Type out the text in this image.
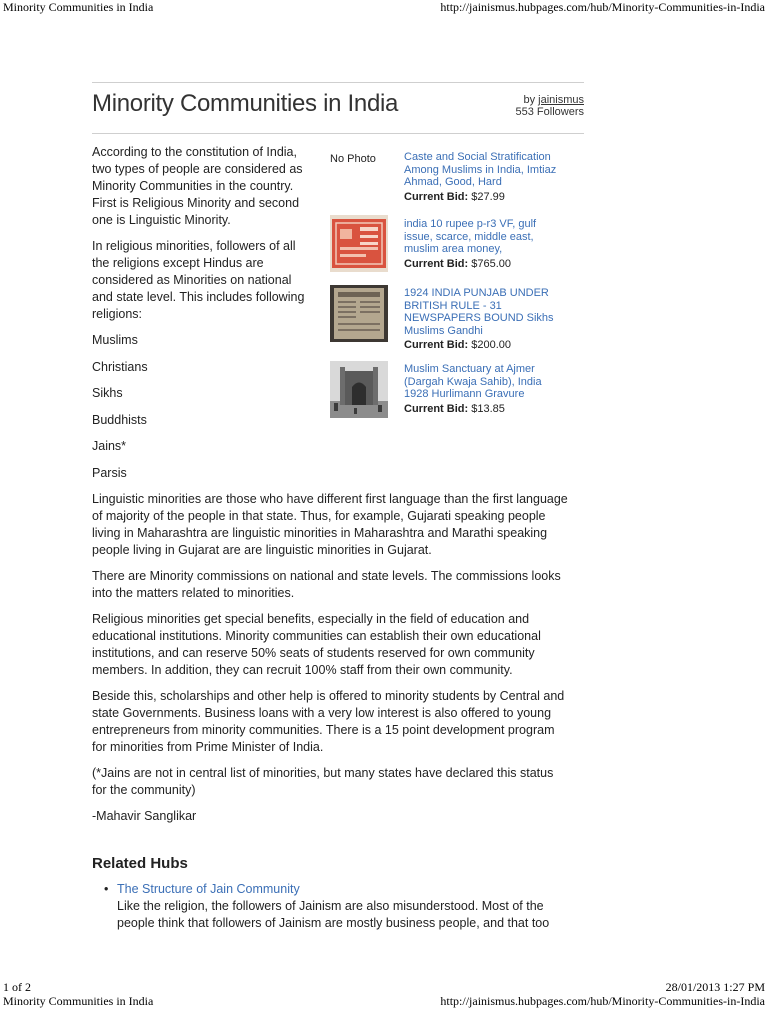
Minority Communities in India	http://jainismus.hubpages.com/hub/Minority-Communities-in-India
Minority Communities in India	by jainismus
553 Followers

According to the constitution of India, two types of people are considered as Minority Communities in the country. First is Religious Minority and second one is Linguistic Minority.

In religious minorities, followers of all the religions except Hindus are considered as Minorities on national and state level. This includes following religions:

Muslims

Christians

Sikhs

Buddhists

Jains*

Parsis

Linguistic minorities are those who have different first language than the first language of majority of the people in that state. Thus, for example, Gujarati speaking people living in Maharashtra are linguistic minorities in Maharashtra and Marathi speaking people living in Gujarat are are linguistic minorities in Gujarat.

There are Minority commissions on national and state levels. The commissions looks into the matters related to minorities.

Religious minorities get special benefits, especially in the field of education and educational institutions. Minority communities can establish their own educational institutions, and can reserve 50% seats of students reserved for own community members. In addition, they can recruit 100% staff from their own community.

Beside this, scholarships and other help is offered to minority students by Central and state Governments. Business loans with a very low interest is also offered to young entrepreneurs from minority communities. There is a 15 point development program for minorities from Prime Minister of India.

(*Jains are not in central list of minorities, but many states have declared this status for the community)

-Mahavir Sanglikar

No Photo	Caste and Social Stratification Among Muslims in India, Imtiaz Ahmad, Good, Hard
Current Bid: $27.99
india 10 rupee p-r3 VF, gulf issue, scarce, middle east, muslim area money,
Current Bid: $765.00
1924 INDIA PUNJAB UNDER BRITISH RULE - 31 NEWSPAPERS BOUND Sikhs Muslims Gandhi
Current Bid: $200.00
Muslim Sanctuary at Ajmer (Dargah Kwaja Sahib), India 1928 Hurlimann Gravure
Current Bid: $13.85
Related Hubs
• The Structure of Jain Community
Like the religion, the followers of Jainism are also misunderstood. Most of the people think that followers of Jainism are mostly business people, and that too
1 of 2	28/01/2013 1:27 PM
Minority Communities in India	http://jainismus.hubpages.com/hub/Minority-Communities-in-India
